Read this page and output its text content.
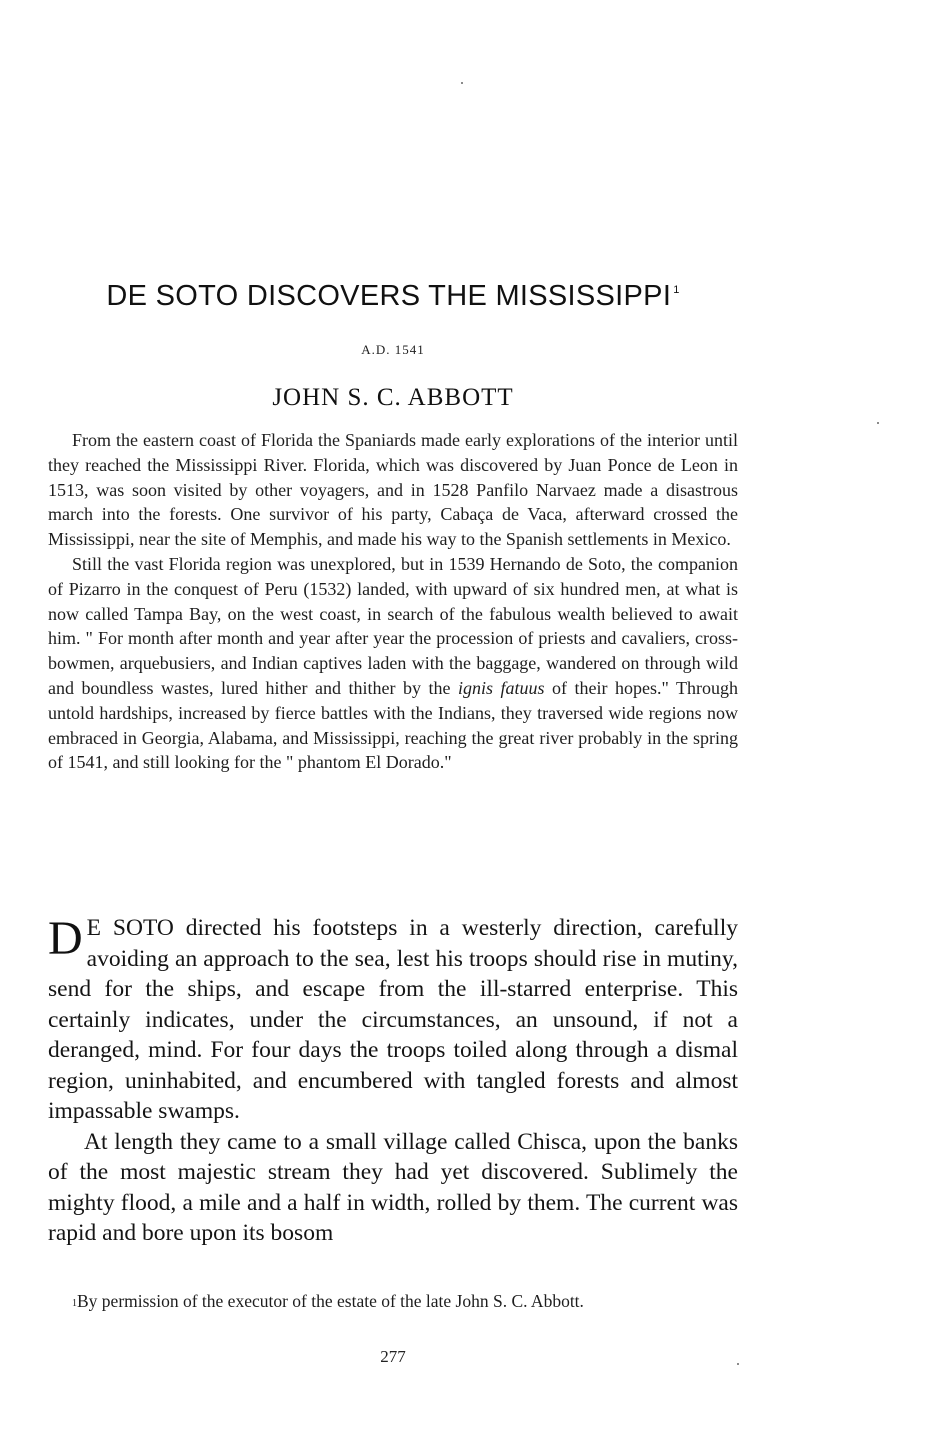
DE SOTO DISCOVERS THE MISSISSIPPI $^1$
A.D. 1541
JOHN S. C. ABBOTT

From the eastern coast of Florida the Spaniards made early explorations of the interior until they reached the Mississippi River. Florida, which was discovered by Juan Ponce de Leon in 1513, was soon visited by other voyagers, and in 1528 Panfilo Narvaez made a disastrous march into the forests. One survivor of his party, Cabaça de Vaca, afterward crossed the Mississippi, near the site of Memphis, and made his way to the Spanish settlements in Mexico.

Still the vast Florida region was unexplored, but in 1539 Hernando de Soto, the companion of Pizarro in the conquest of Peru (1532) landed, with upward of six hundred men, at what is now called Tampa Bay, on the west coast, in search of the fabulous wealth believed to await him. " For month after month and year after year the procession of priests and cavaliers, cross-bowmen, arquebusiers, and Indian captives laden with the baggage, wandered on through wild and boundless wastes, lured hither and thither by the ignis fatuus of their hopes." Through untold hardships, increased by fierce battles with the Indians, they traversed wide regions now embraced in Georgia, Alabama, and Mississippi, reaching the great river probably in the spring of 1541, and still looking for the " phantom El Dorado."

D E SOTO directed his footsteps in a westerly direction, carefully avoiding an approach to the sea, lest his troops should rise in mutiny, send for the ships, and escape from the ill-starred enterprise. This certainly indicates, under the circumstances, an unsound, if not a deranged, mind. For four days the troops toiled along through a dismal region, uninhabited, and encumbered with tangled forests and almost impassable swamps.

At length they came to a small village called Chisca, upon the banks of the most majestic stream they had yet discovered. Sublimely the mighty flood, a mile and a half in width, rolled by them. The current was rapid and bore upon its bosom

$^1$By permission of the executor of the estate of the late John S. C. Abbott.
277
